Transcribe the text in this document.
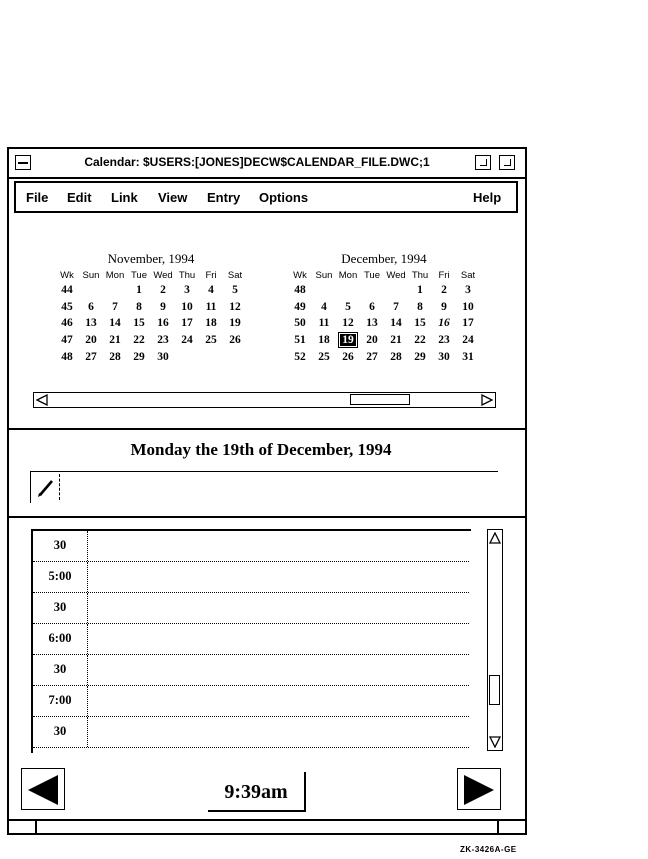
Calendar: $USERS:[JONES]DECW$CALENDAR_FILE.DWC;1
File Edit Link View Entry Options	Help
November, 1994
Wk	Sun	Mon	Tue	Wed	Thu	Fri	Sat
44			1	2	3	4	5
45	6	7	8	9	10	11	12
46	13	14	15	16	17	18	19
47	20	21	22	23	24	25	26
48	27	28	29	30			
December, 1994
Wk	Sun	Mon	Tue	Wed	Thu	Fri	Sat
48					1	2	3
49	4	5	6	7	8	9	10
50	11	12	13	14	15	16	17
51	18	19	20	21	22	23	24
52	25	26	27	28	29	30	31
Monday the 19th of December, 1994
30
5:00
30
6:00
30
7:00
30
9:39am
ZK-3426A-GE
